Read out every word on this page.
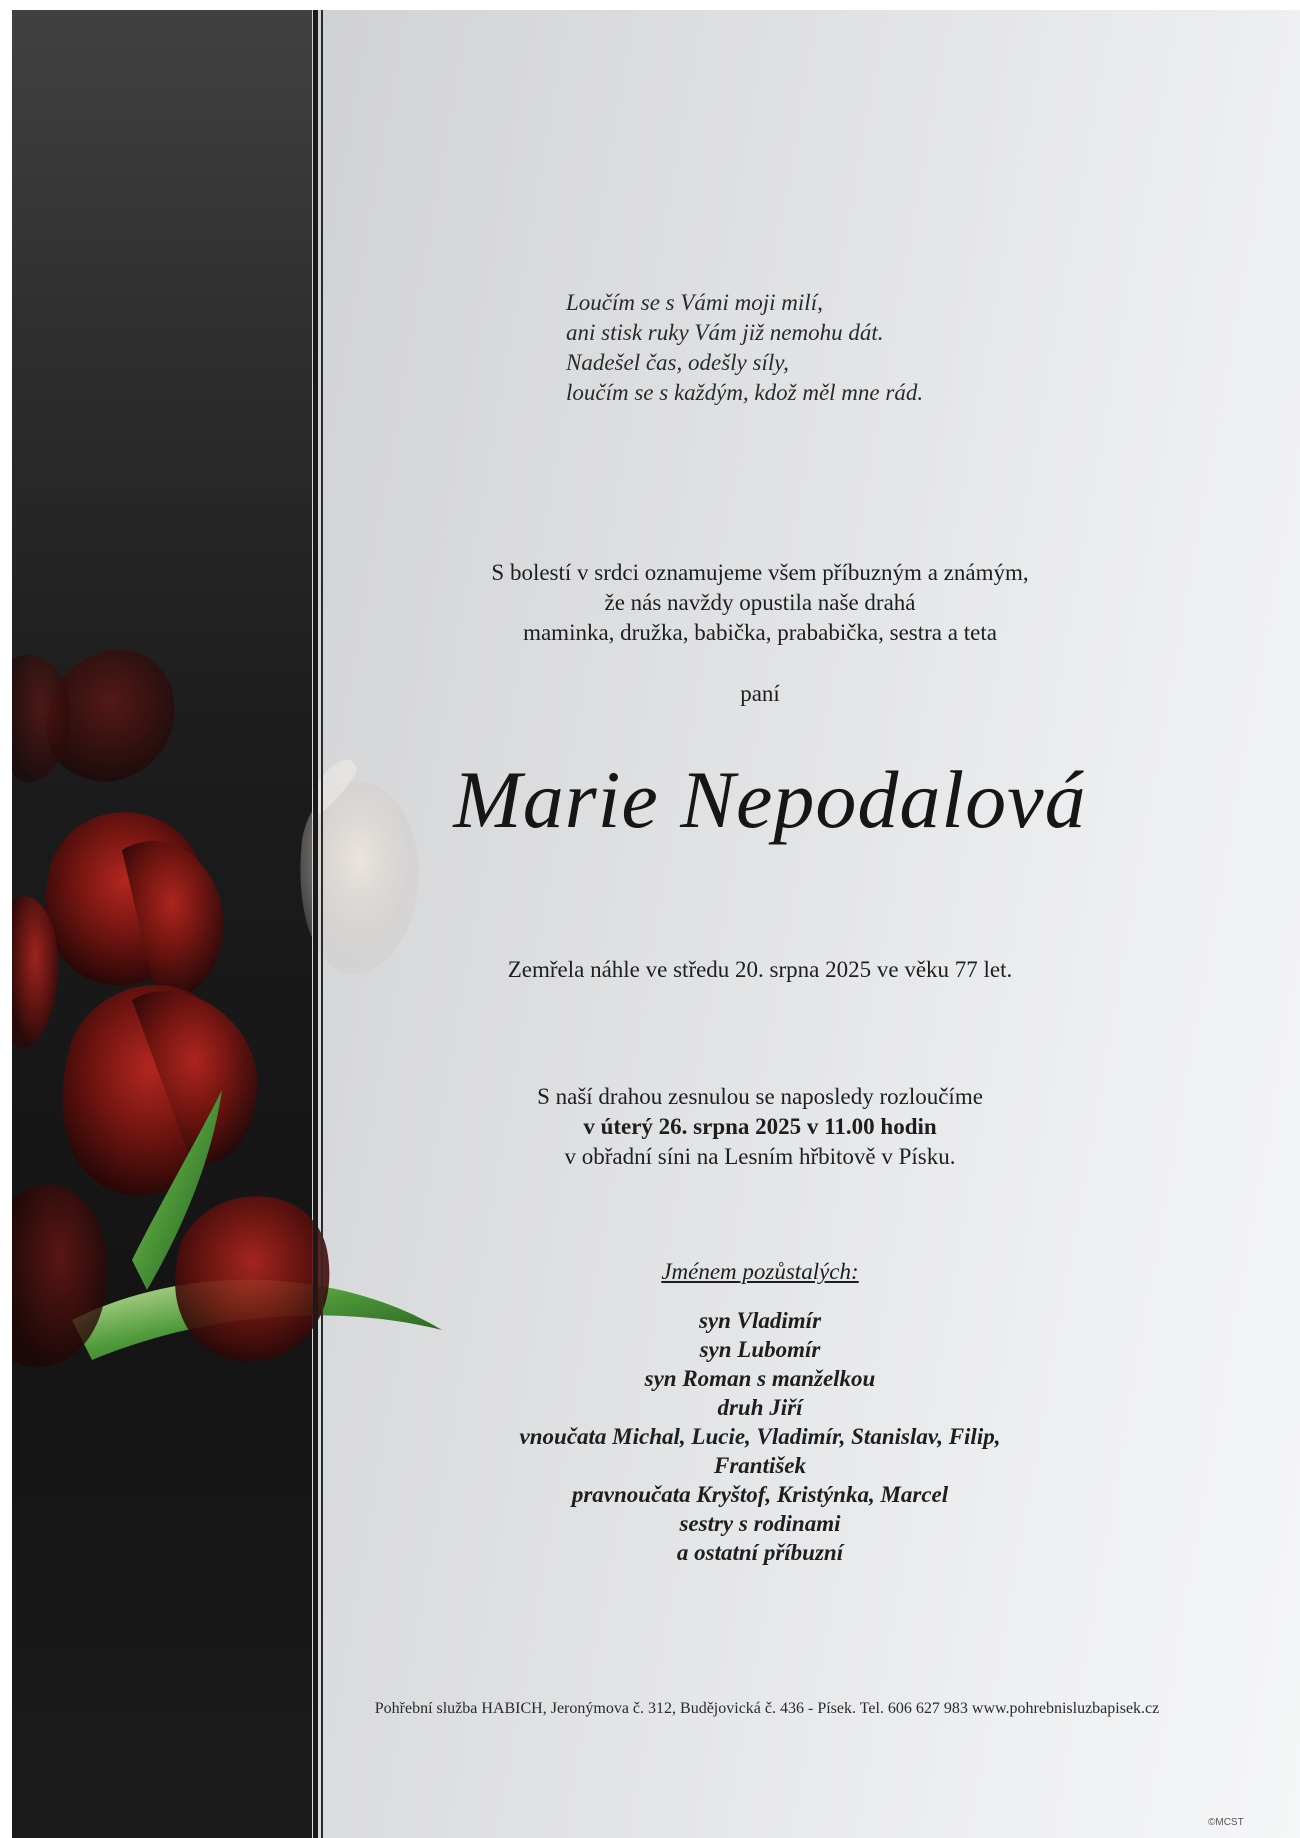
Loučím se s Vámi moji milí,
ani stisk ruky Vám již nemohu dát.
Nadešel čas, odešly síly,
loučím se s každým, kdož měl mne rád.
S bolestí v srdci oznamujeme všem příbuzným a známým,
že nás navždy opustila naše drahá
maminka, družka, babička, prababička, sestra a teta
paní
Marie Nepodalová
Zemřela náhle ve středu 20. srpna 2025 ve věku 77 let.
S naší drahou zesnulou se naposledy rozloučíme
v úterý 26. srpna 2025 v 11.00 hodin
v obřadní síni na Lesním hřbitově v Písku.
Jménem pozůstalých:
syn Vladimír
syn Lubomír
syn Roman s manželkou
druh Jiří
vnoučata Michal, Lucie, Vladimír, Stanislav, Filip,
František
pravnoučata Kryštof, Kristýnka, Marcel
sestry s rodinami
a ostatní příbuzní
Pohřební služba HABICH, Jeronýmova č. 312, Budějovická č. 436 - Písek. Tel. 606 627 983 www.pohrebnisluzbapisek.cz
©MCST
